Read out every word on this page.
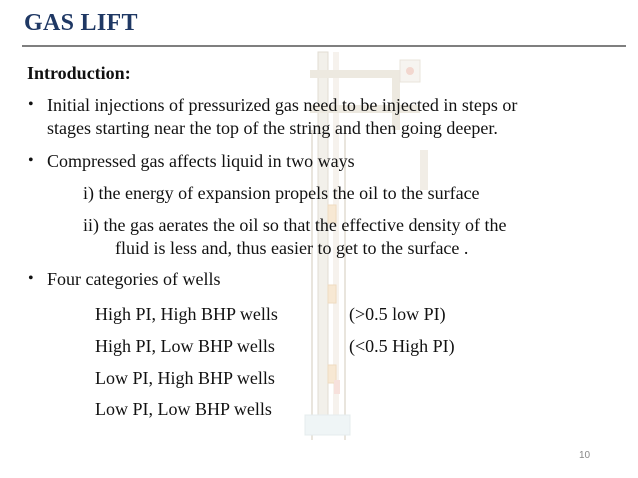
GAS LIFT
Introduction:
• Initial injections of pressurized gas need to be injected in steps or
stages starting near the top of the string and then going deeper.
• Compressed gas affects liquid in two ways
i) the energy of expansion propels the oil to the surface
ii) the gas aerates the oil so that the effective density of the
fluid is less and, thus easier to get to the surface .
• Four categories of wells
High PI, High BHP wells	(>0.5 low PI)
High PI, Low BHP wells	(<0.5 High PI)
Low PI, High BHP wells
Low PI, Low BHP wells
10
